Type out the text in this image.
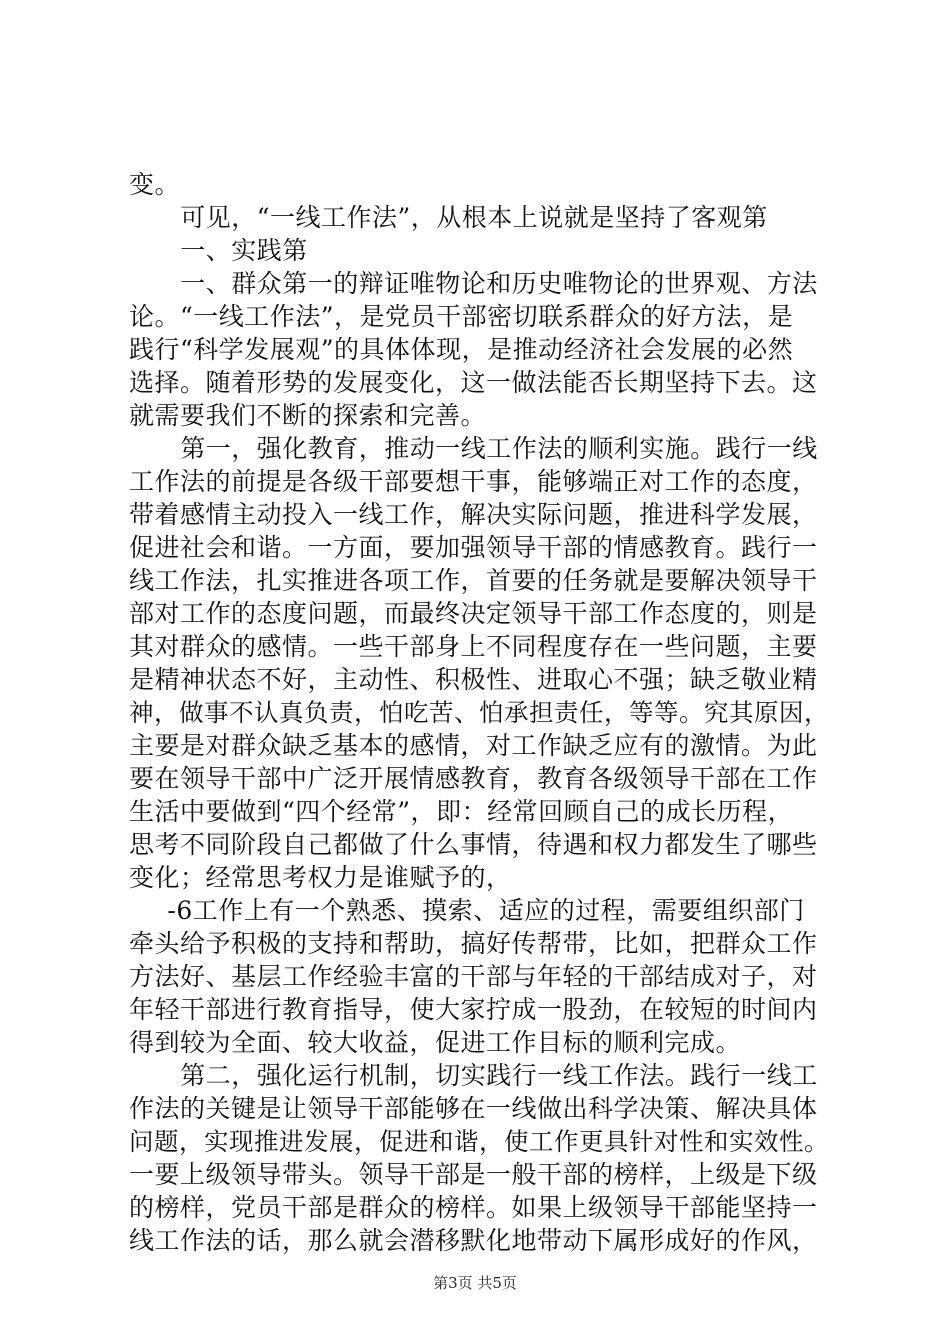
变。
可见，“一线工作法”，从根本上说就是坚持了客观第
一、实践第
一、群众第一的辩证唯物论和历史唯物论的世界观、方法
论。“一线工作法”，是党员干部密切联系群众的好方法，是
践行“科学发展观”的具体体现，是推动经济社会发展的必然
选择。随着形势的发展变化，这一做法能否长期坚持下去。这
就需要我们不断的探索和完善。
第一，强化教育，推动一线工作法的顺利实施。践行一线
工作法的前提是各级干部要想干事，能够端正对工作的态度，
带着感情主动投入一线工作，解决实际问题，推进科学发展，
促进社会和谐。一方面，要加强领导干部的情感教育。践行一
线工作法，扎实推进各项工作，首要的任务就是要解决领导干
部对工作的态度问题，而最终决定领导干部工作态度的，则是
其对群众的感情。一些干部身上不同程度存在一些问题，主要
是精神状态不好，主动性、积极性、进取心不强；缺乏敬业精
神，做事不认真负责，怕吃苦、怕承担责任，等等。究其原因，
主要是对群众缺乏基本的感情，对工作缺乏应有的激情。为此
要在领导干部中广泛开展情感教育，教育各级领导干部在工作
生活中要做到“四个经常”，即：经常回顾自己的成长历程，
思考不同阶段自己都做了什么事情，待遇和权力都发生了哪些
变化；经常思考权力是谁赋予的，
-6工作上有一个熟悉、摸索、适应的过程，需要组织部门
牵头给予积极的支持和帮助，搞好传帮带，比如，把群众工作
方法好、基层工作经验丰富的干部与年轻的干部结成对子，对
年轻干部进行教育指导，使大家拧成一股劲，在较短的时间内
得到较为全面、较大收益，促进工作目标的顺利完成。
第二，强化运行机制，切实践行一线工作法。践行一线工
作法的关键是让领导干部能够在一线做出科学决策、解决具体
问题，实现推进发展，促进和谐，使工作更具针对性和实效性。
一要上级领导带头。领导干部是一般干部的榜样，上级是下级
的榜样，党员干部是群众的榜样。如果上级领导干部能坚持一
线工作法的话，那么就会潜移默化地带动下属形成好的作风，
第3页 共5页
